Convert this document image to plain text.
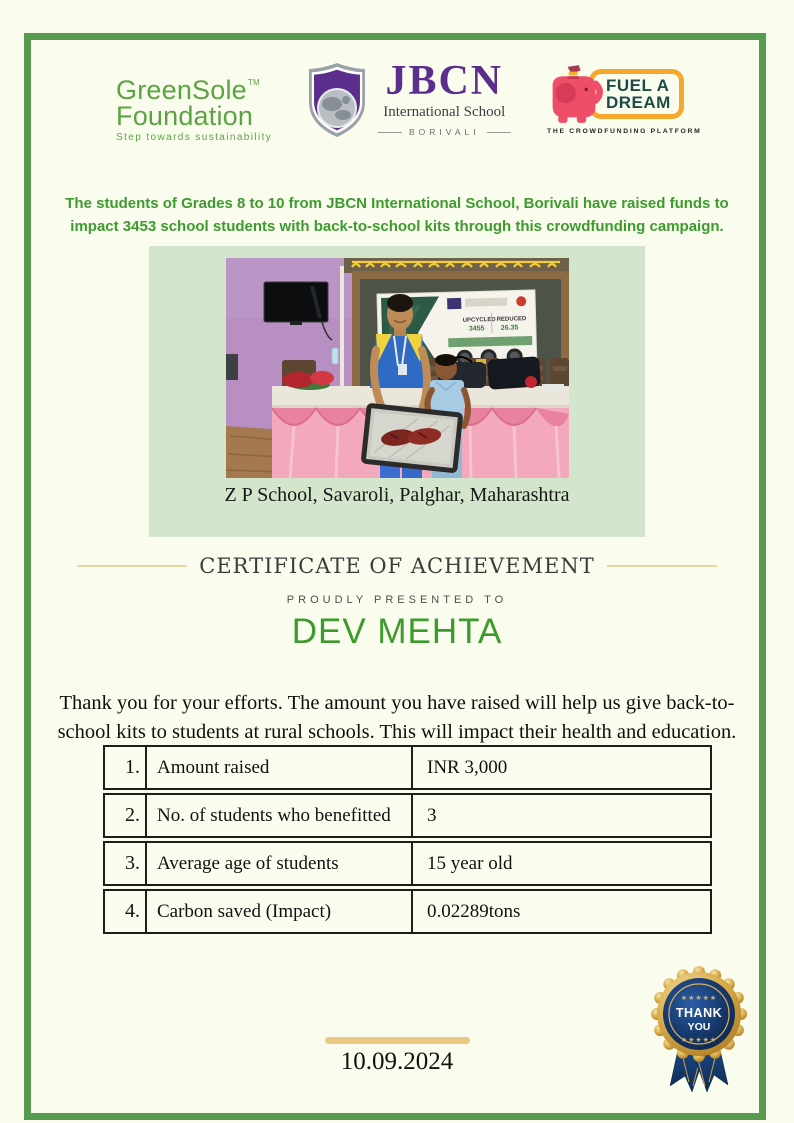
GreenSole™
Foundation
Step towards sustainability
JBCN
International School
BORIVALI
FUEL A
DREAM
THE CROWDFUNDING PLATFORM

The students of Grades 8 to 10 from JBCN International School, Borivali have raised funds to impact 3453 school students with back-to-school kits through this crowdfunding campaign.

UPCYCLED
3455
REDUCED
26.35
Z P School, Savaroli, Palghar, Maharashtra
CERTIFICATE OF ACHIEVEMENT
PROUDLY PRESENTED TO
DEV MEHTA

Thank you for your efforts. The amount you have raised will help us give back-to-school kits to students at rural schools. This will impact their health and education.

1. Amount raised	INR 3,000
2. No. of students who benefitted	3
3. Average age of students	15 year old
4. Carbon saved (Impact)	0.02289tons
10.09.2024
★★★★★
THANK
YOU
★★★★★
